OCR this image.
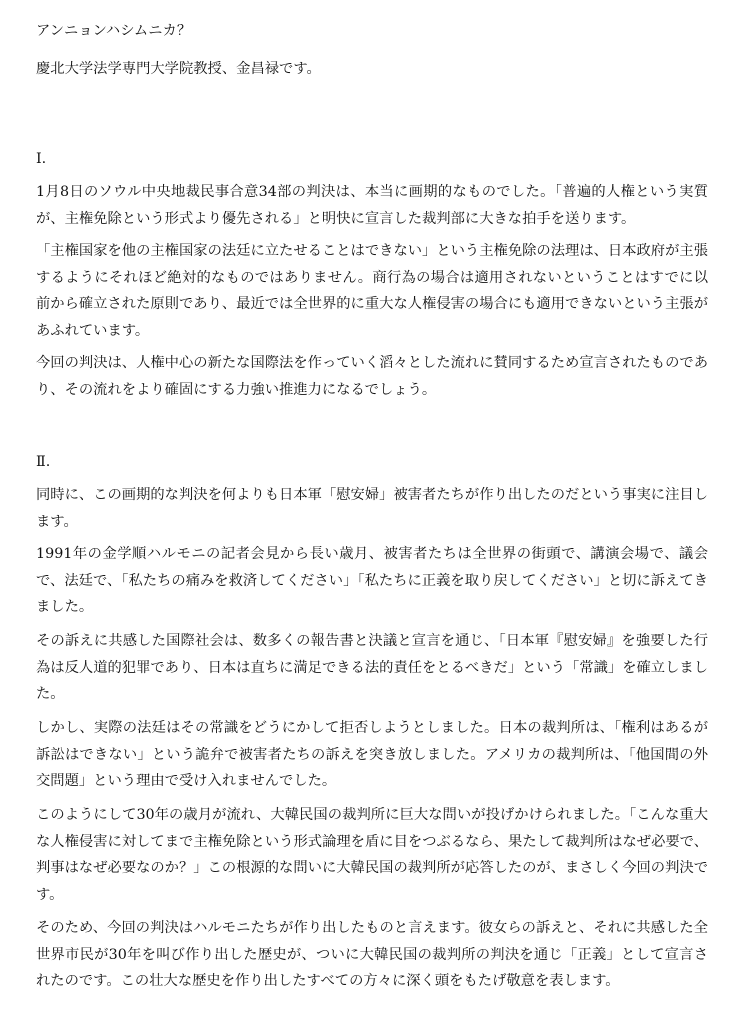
アンニョンハシムニカ？

慶北大学法学専門大学院教授、金昌禄です。

Ⅰ.

1月8日のソウル中央地裁民事合意34部の判決は、本当に画期的なものでした。「普遍的人権という実質が、主権免除という形式より優先される」と明快に宣言した裁判部に大きな拍手を送ります。

「主権国家を他の主権国家の法廷に立たせることはできない」という主権免除の法理は、日本政府が主張するようにそれほど絶対的なものではありません。商行為の場合は適用されないということはすでに以前から確立された原則であり、最近では全世界的に重大な人権侵害の場合にも適用できないという主張があふれています。

今回の判決は、人権中心の新たな国際法を作っていく滔々とした流れに賛同するため宣言されたものであり、その流れをより確固にする力強い推進力になるでしょう。

Ⅱ.

同時に、この画期的な判決を何よりも日本軍「慰安婦」被害者たちが作り出したのだという事実に注目します。

1991年の金学順ハルモニの記者会見から長い歳月、被害者たちは全世界の街頭で、講演会場で、議会で、法廷で、「私たちの痛みを救済してください」「私たちに正義を取り戻してください」と切に訴えてきました。

その訴えに共感した国際社会は、数多くの報告書と決議と宣言を通じ、「日本軍『慰安婦』を強要した行為は反人道的犯罪であり、日本は直ちに満足できる法的責任をとるべきだ」という「常識」を確立しました。

しかし、実際の法廷はその常識をどうにかして拒否しようとしました。日本の裁判所は、「権利はあるが訴訟はできない」という詭弁で被害者たちの訴えを突き放しました。アメリカの裁判所は、「他国間の外交問題」という理由で受け入れませんでした。

このようにして30年の歳月が流れ、大韓民国の裁判所に巨大な問いが投げかけられました。「こんな重大な人権侵害に対してまで主権免除という形式論理を盾に目をつぶるなら、果たして裁判所はなぜ必要で、判事はなぜ必要なのか？」この根源的な問いに大韓民国の裁判所が応答したのが、まさしく今回の判決です。

そのため、今回の判決はハルモニたちが作り出したものと言えます。彼女らの訴えと、それに共感した全世界市民が30年を叫び作り出した歴史が、ついに大韓民国の裁判所の判決を通じ「正義」として宣言されたのです。この壮大な歴史を作り出したすべての方々に深く頭をもたげ敬意を表します。
